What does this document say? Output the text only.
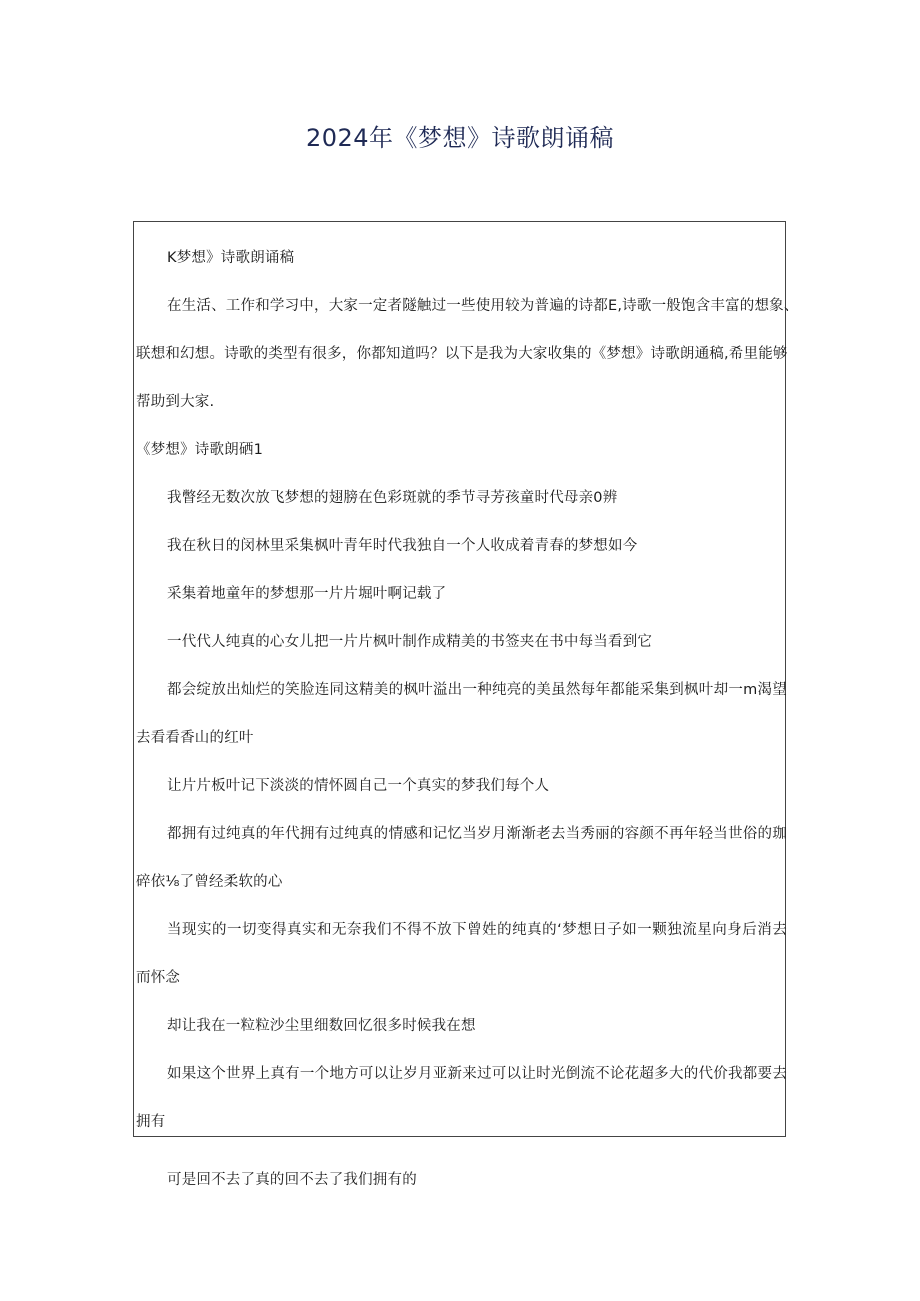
2024年《梦想》诗歌朗诵稿
K梦想》诗歌朗诵稿
在生活、工作和学习中，大家一定者隧触过一些使用较为普遍的诗都E,诗歌一般饱含丰富的想象、
联想和幻想。诗歌的类型有很多，你都知道吗？以下是我为大家收集的《梦想》诗歌朗通稿,希里能够
帮助到大家.
《梦想》诗歌朗硒1
我瞥经无数次放飞梦想的翅膀在色彩斑就的季节寻芳孩童时代母亲0辨
我在秋日的闵林里采集枫叶青年时代我独自一个人收成着青春的梦想如今
采集着地童年的梦想那一片片堀叶啊记载了
一代代人纯真的心女儿把一片片枫叶制作成精美的书签夹在书中每当看到它
都会绽放出灿烂的笑脸连同这精美的枫叶溢出一种纯亮的美虽然每年都能采集到枫叶却一m渴望
去看看香山的红叶
让片片板叶记下淡淡的情怀圆自己一个真实的梦我们每个人
都拥有过纯真的年代拥有过纯真的情感和记忆当岁月渐渐老去当秀丽的容颜不再年轻当世俗的珈
碎依⅛了曾经柔软的心
当现实的一切变得真实和无奈我们不得不放下曾姓的纯真的‘梦想日子如一颗独流星向身后消去
而怀念
却让我在一粒粒沙尘里细数回忆很多时候我在想
如果这个世界上真有一个地方可以让岁月亚新来过可以让时光倒流不论花超多大的代价我都要去
拥有
可是回不去了真的回不去了我们拥有的
